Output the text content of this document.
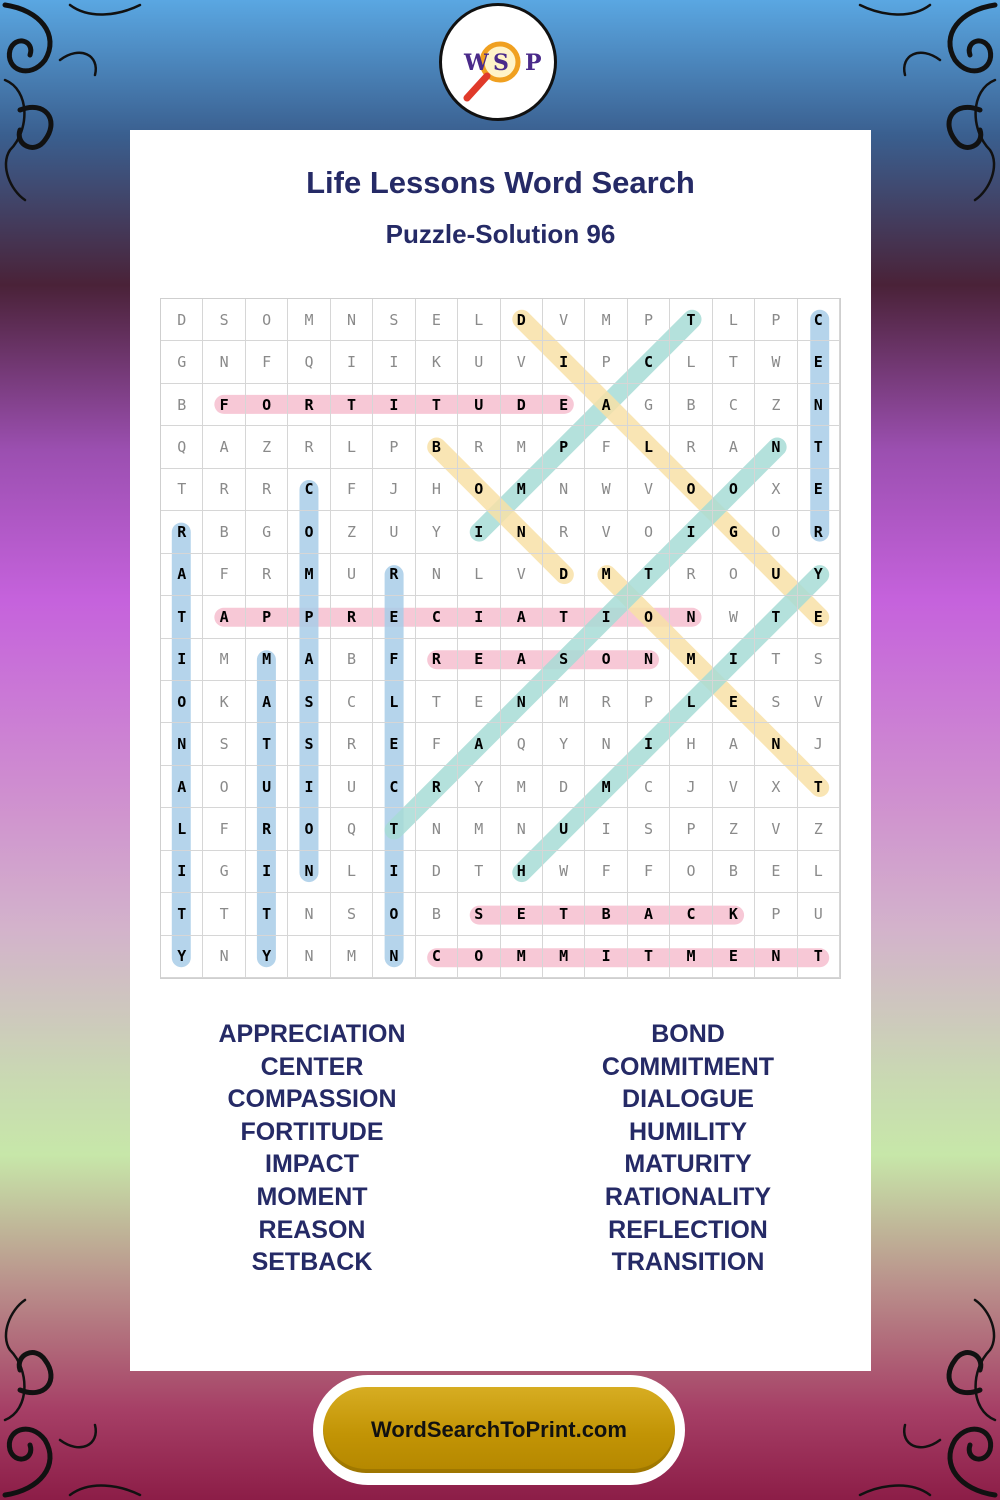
W S P
Life Lessons Word Search
Puzzle-Solution 96
D	S	O	M	N	S	E	L	D	V	M	P	T	L	P	C
G	N	F	Q	I	I	K	U	V	I	P	C	L	T	W	E
B	F	O	R	T	I	T	U	D	E	A	G	B	C	Z	N
Q	A	Z	R	L	P	B	R	M	P	F	L	R	A	N	T
T	R	R	C	F	J	H	O	M	N	W	V	O	O	X	E
R	B	G	O	Z	U	Y	I	N	R	V	O	I	G	O	R
A	F	R	M	U	R	N	L	V	D	M	T	R	O	U	Y
T	A	P	P	R	E	C	I	A	T	I	O	N	W	T	E
I	M	M	A	B	F	R	E	A	S	O	N	M	I	T	S
O	K	A	S	C	L	T	E	N	M	R	P	L	E	S	V
N	S	T	S	R	E	F	A	Q	Y	N	I	H	A	N	J
A	O	U	I	U	C	R	Y	M	D	M	C	J	V	X	T
L	F	R	O	Q	T	N	M	N	U	I	S	P	Z	V	Z
I	G	I	N	L	I	D	T	H	W	F	F	O	B	E	L
T	T	T	N	S	O	B	S	E	T	B	A	C	K	P	U
Y	N	Y	N	M	N	C	O	M	M	I	T	M	E	N	T
APPRECIATION
CENTER
COMPASSION
FORTITUDE
IMPACT
MOMENT
REASON
SETBACK
BOND
COMMITMENT
DIALOGUE
HUMILITY
MATURITY
RATIONALITY
REFLECTION
TRANSITION
WordSearchToPrint.com
